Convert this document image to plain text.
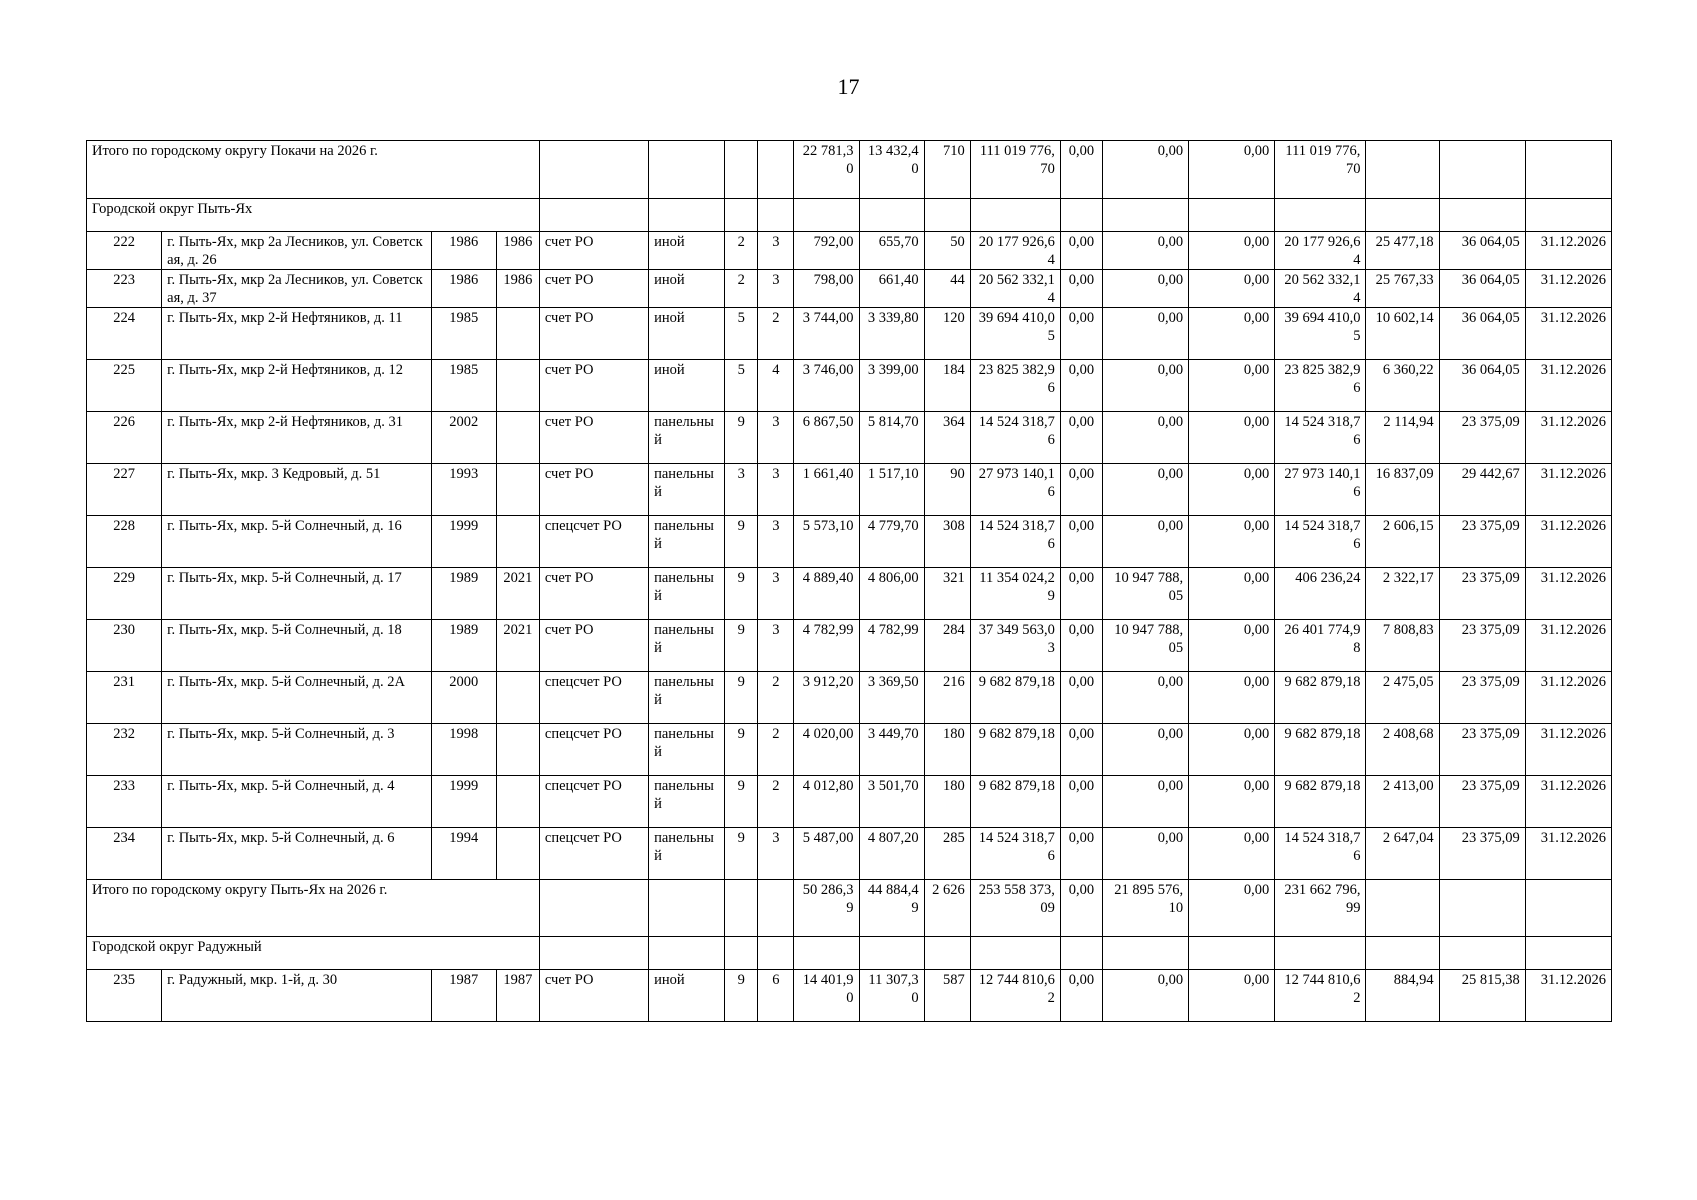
17
Итого по городскому округу Покачи на 2026 г.								22 781,30	13 432,40	710	111 019 776,70	0,00	0,00	0,00	111 019 776,70			
Городской округ Пыть-Ях																		
222	г. Пыть-Ях, мкр 2а Лесников, ул. Советская, д. 26	1986	1986	счет РО	иной	2	3	792,00	655,70	50	20 177 926,64	0,00	0,00	0,00	20 177 926,64	25 477,18	36 064,05	31.12.2026
223	г. Пыть-Ях, мкр 2а Лесников, ул. Советская, д. 37	1986	1986	счет РО	иной	2	3	798,00	661,40	44	20 562 332,14	0,00	0,00	0,00	20 562 332,14	25 767,33	36 064,05	31.12.2026
224	г. Пыть-Ях, мкр 2-й Нефтяников, д. 11	1985		счет РО	иной	5	2	3 744,00	3 339,80	120	39 694 410,05	0,00	0,00	0,00	39 694 410,05	10 602,14	36 064,05	31.12.2026
225	г. Пыть-Ях, мкр 2-й Нефтяников, д. 12	1985		счет РО	иной	5	4	3 746,00	3 399,00	184	23 825 382,96	0,00	0,00	0,00	23 825 382,96	6 360,22	36 064,05	31.12.2026
226	г. Пыть-Ях, мкр 2-й Нефтяников, д. 31	2002		счет РО	панельный	9	3	6 867,50	5 814,70	364	14 524 318,76	0,00	0,00	0,00	14 524 318,76	2 114,94	23 375,09	31.12.2026
227	г. Пыть-Ях, мкр. 3 Кедровый, д. 51	1993		счет РО	панельный	3	3	1 661,40	1 517,10	90	27 973 140,16	0,00	0,00	0,00	27 973 140,16	16 837,09	29 442,67	31.12.2026
228	г. Пыть-Ях, мкр. 5-й Солнечный, д. 16	1999		спецсчет РО	панельный	9	3	5 573,10	4 779,70	308	14 524 318,76	0,00	0,00	0,00	14 524 318,76	2 606,15	23 375,09	31.12.2026
229	г. Пыть-Ях, мкр. 5-й Солнечный, д. 17	1989	2021	счет РО	панельный	9	3	4 889,40	4 806,00	321	11 354 024,29	0,00	10 947 788,05	0,00	406 236,24	2 322,17	23 375,09	31.12.2026
230	г. Пыть-Ях, мкр. 5-й Солнечный, д. 18	1989	2021	счет РО	панельный	9	3	4 782,99	4 782,99	284	37 349 563,03	0,00	10 947 788,05	0,00	26 401 774,98	7 808,83	23 375,09	31.12.2026
231	г. Пыть-Ях, мкр. 5-й Солнечный, д. 2А	2000		спецсчет РО	панельный	9	2	3 912,20	3 369,50	216	9 682 879,18	0,00	0,00	0,00	9 682 879,18	2 475,05	23 375,09	31.12.2026
232	г. Пыть-Ях, мкр. 5-й Солнечный, д. 3	1998		спецсчет РО	панельный	9	2	4 020,00	3 449,70	180	9 682 879,18	0,00	0,00	0,00	9 682 879,18	2 408,68	23 375,09	31.12.2026
233	г. Пыть-Ях, мкр. 5-й Солнечный, д. 4	1999		спецсчет РО	панельный	9	2	4 012,80	3 501,70	180	9 682 879,18	0,00	0,00	0,00	9 682 879,18	2 413,00	23 375,09	31.12.2026
234	г. Пыть-Ях, мкр. 5-й Солнечный, д. 6	1994		спецсчет РО	панельный	9	3	5 487,00	4 807,20	285	14 524 318,76	0,00	0,00	0,00	14 524 318,76	2 647,04	23 375,09	31.12.2026
Итого по городскому округу Пыть-Ях на 2026 г.								50 286,39	44 884,49	2 626	253 558 373,09	0,00	21 895 576,10	0,00	231 662 796,99			
Городской округ Радужный																		
235	г. Радужный, мкр. 1-й, д. 30	1987	1987	счет РО	иной	9	6	14 401,90	11 307,30	587	12 744 810,62	0,00	0,00	0,00	12 744 810,62	884,94	25 815,38	31.12.2026
